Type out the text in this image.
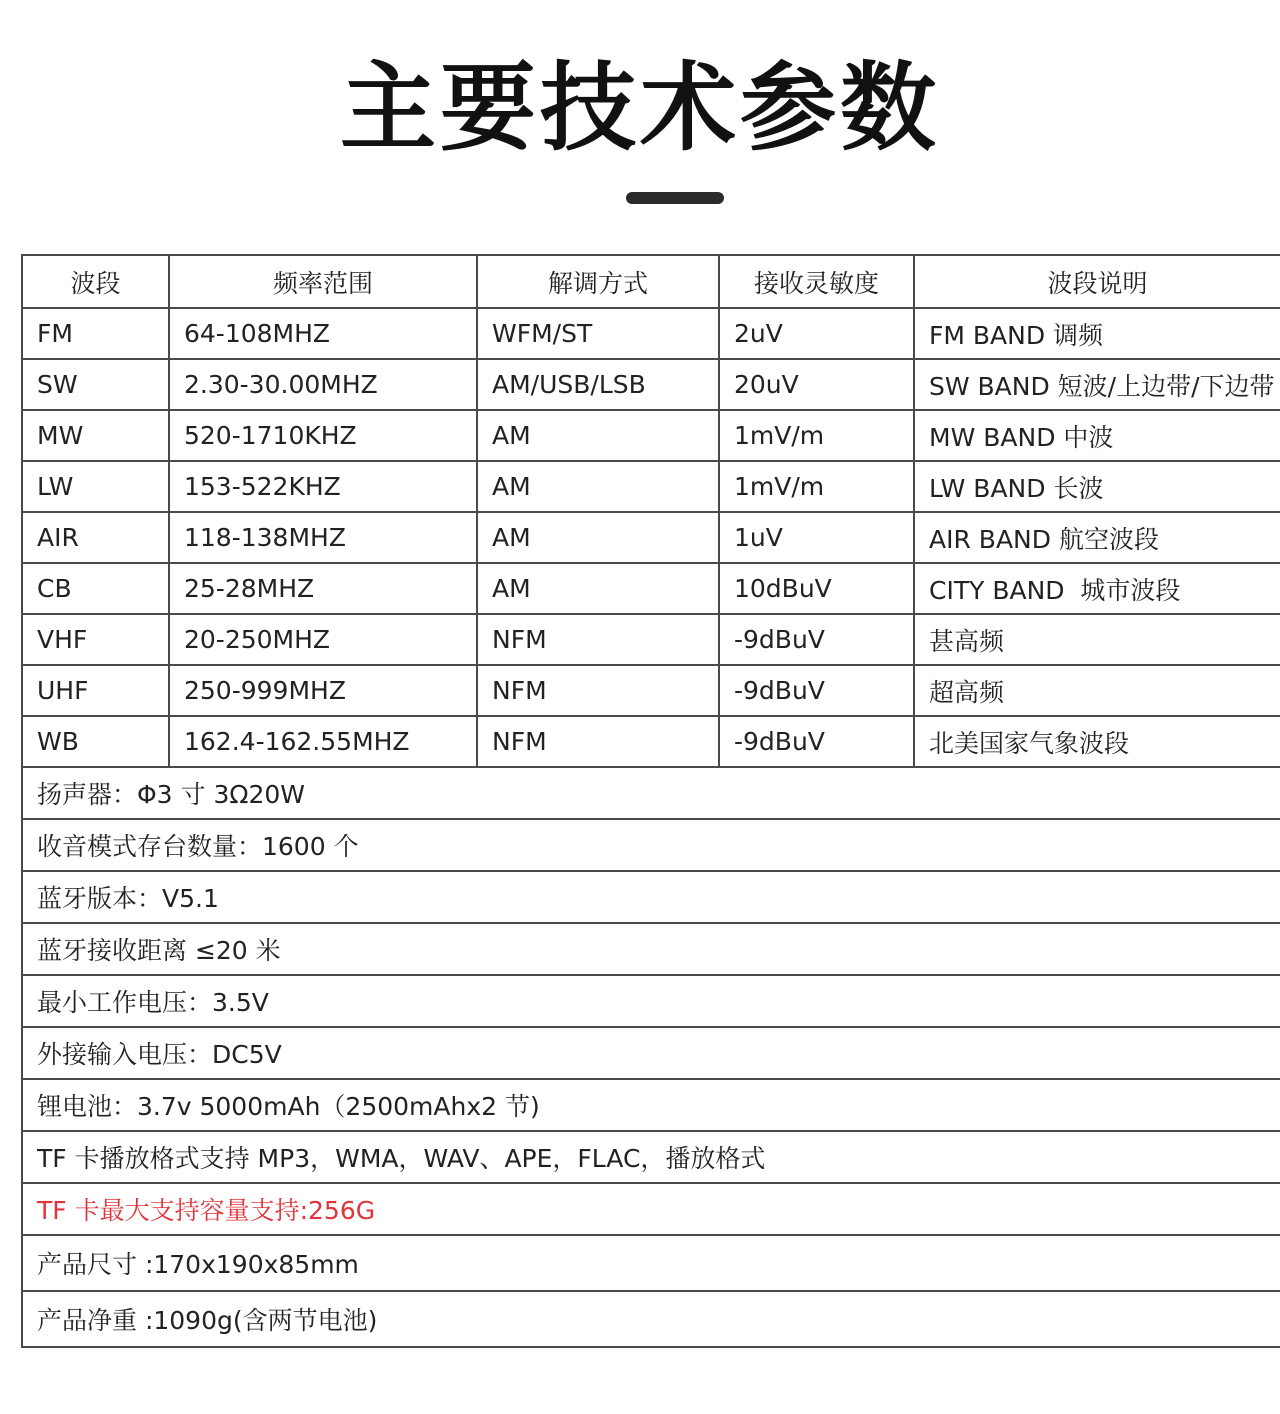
主要技术参数
波段	频率范围	解调方式	接收灵敏度	波段说明
FM	64-108MHZ	WFM/ST	2uV	FM BAND 调频
SW	2.30-30.00MHZ	AM/USB/LSB	20uV	SW BAND 短波/上边带/下边带
MW	520-1710KHZ	AM	1mV/m	MW BAND 中波
LW	153-522KHZ	AM	1mV/m	LW BAND 长波
AIR	118-138MHZ	AM	1uV	AIR BAND 航空波段
CB	25-28MHZ	AM	10dBuV	CITY BAND  城市波段
VHF	20-250MHZ	NFM	-9dBuV	甚高频
UHF	250-999MHZ	NFM	-9dBuV	超高频
WB	162.4-162.55MHZ	NFM	-9dBuV	北美国家气象波段
扬声器：Φ3 寸 3Ω20W				
收音模式存台数量：1600 个				
蓝牙版本：V5.1				
蓝牙接收距离 ≤20 米				
最小工作电压：3.5V				
外接输入电压：DC5V				
锂电池：3.7v 5000mAh（2500mAhx2 节)				
TF 卡播放格式支持 MP3，WMA，WAV、APE，FLAC，播放格式				
TF 卡最大支持容量支持:256G				
产品尺寸 :170x190x85mm				
产品净重 :1090g(含两节电池)				
